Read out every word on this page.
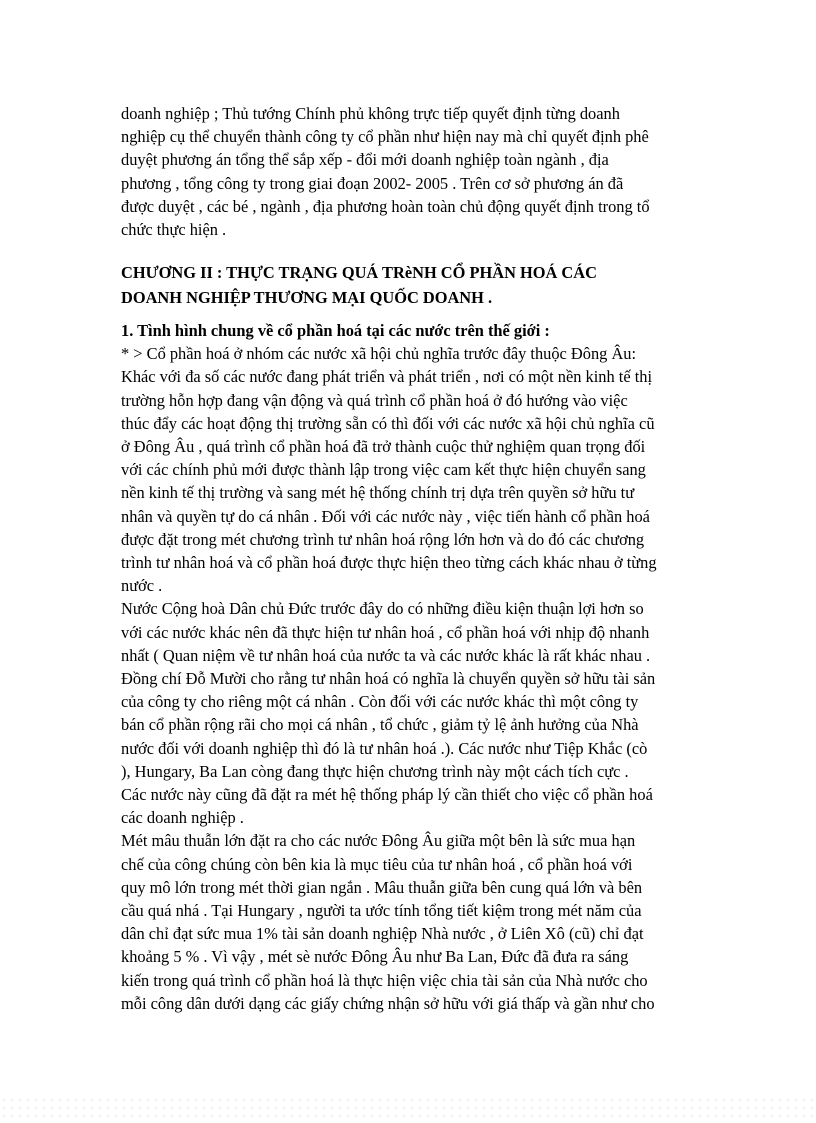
doanh nghiệp ; Thủ tướng Chính phủ không trực tiếp quyết định từng doanh
nghiệp cụ thể chuyển thành công ty cổ phần như hiện nay mà chỉ quyết định phê
duyệt phương án tổng thể sắp xếp - đổi mới doanh nghiệp toàn ngành , địa
phương , tổng công ty trong giai đoạn 2002- 2005 . Trên cơ sở phương án đã
được duyệt , các bé , ngành , địa phương hoàn toàn chủ động quyết định trong tổ
chức thực hiện .
CHƯƠNG II : THỰC TRẠNG QUÁ TRèNH CỔ PHẦN HOÁ CÁC
DOANH NGHIỆP THƯƠNG MẠI QUỐC DOANH .
1. Tình hình chung về cổ phần hoá tại các nước trên thế giới :
* > Cổ phần hoá ở nhóm các nước xã hội chủ nghĩa trước đây thuộc Đông Âu:
Khác với đa số các nước đang phát triển và phát triển , nơi có một nền kinh tế thị
trường hỗn hợp đang vận động và quá trình cổ phần hoá ở đó hướng vào việc
thúc đẩy các hoạt động thị trường sẵn có thì đối với các nước xã hội chủ nghĩa cũ
ở Đông Âu , quá trình cổ phần hoá đã trở thành cuộc thử nghiệm quan trọng đối
với các chính phủ mới được thành lập trong việc cam kết thực hiện chuyển sang
nền kinh tế thị trường và sang mét hệ thống chính trị dựa trên quyền sở hữu tư
nhân và quyền tự do cá nhân . Đối với các nước này , việc tiến hành cổ phần hoá
được đặt trong mét chương trình tư nhân hoá rộng lớn hơn và do đó các chương
trình tư nhân hoá và cổ phần hoá được thực hiện theo từng cách khác nhau ở từng
nước .
Nước Cộng hoà Dân chủ Đức trước đây do có những điều kiện thuận lợi hơn so
với các nước khác nên đã thực hiện tư nhân hoá , cổ phần hoá với nhịp độ nhanh
nhất ( Quan niệm về tư nhân hoá của nước ta và các nước khác là rất khác nhau .
Đồng chí Đỗ Mười cho rằng tư nhân hoá có nghĩa là chuyển quyền sở hữu tài sản
của công ty cho riêng một cá nhân . Còn đối với các nước khác thì một công ty
bán cổ phần rộng rãi cho mọi cá nhân , tổ chức , giảm tỷ lệ ảnh hưởng của Nhà
nước đối với doanh nghiệp thì đó là tư nhân hoá .). Các nước như Tiệp Khắc (cò
), Hungary, Ba Lan còng đang thực hiện chương trình này một cách tích cực .
Các nước này cũng đã đặt ra mét hệ thống pháp lý cần thiết cho việc cổ phần hoá
các doanh nghiệp .
Mét mâu thuẫn lớn đặt ra cho các nước Đông Âu giữa một bên là sức mua hạn
chế của công chúng còn bên kia là mục tiêu của tư nhân hoá , cổ phần hoá với
quy mô lớn trong mét thời gian ngắn . Mâu thuẫn giữa bên cung quá lớn và bên
cầu quá nhá . Tại Hungary , người ta ước tính tổng tiết kiệm trong mét năm của
dân chỉ đạt sức mua 1% tài sản doanh nghiệp Nhà nước , ở Liên Xô (cũ) chỉ đạt
khoảng 5 % . Vì vậy , mét sè nước Đông Âu như Ba Lan, Đức đã đưa ra sáng
kiến trong quá trình cổ phần hoá là thực hiện việc chia tài sản của Nhà nước cho
mỗi công dân dưới dạng các giấy chứng nhận sở hữu với giá thấp và gần như cho
